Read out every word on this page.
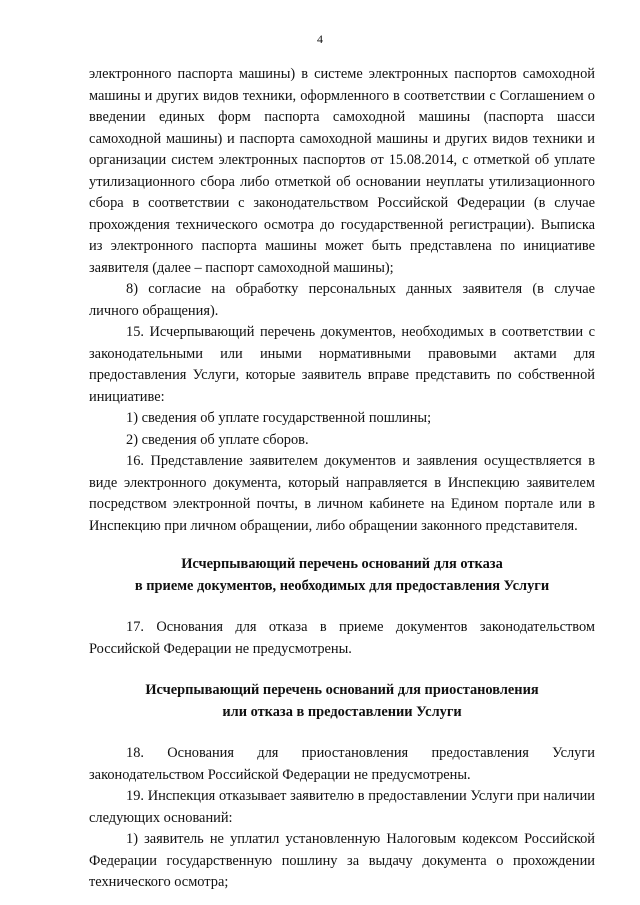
4

электронного паспорта машины) в системе электронных паспортов самоходной машины и других видов техники, оформленного в соответствии с Соглашением о введении единых форм паспорта самоходной машины (паспорта шасси самоходной машины) и паспорта самоходной машины и других видов техники и организации систем электронных паспортов от 15.08.2014, с отметкой об уплате утилизационного сбора либо отметкой об основании неуплаты утилизационного сбора в соответствии с законодательством Российской Федерации (в случае прохождения технического осмотра до государственной регистрации). Выписка из электронного паспорта машины может быть представлена по инициативе заявителя (далее – паспорт самоходной машины);

8) согласие на обработку персональных данных заявителя (в случае личного обращения).

15. Исчерпывающий перечень документов, необходимых в соответствии с законодательными или иными нормативными правовыми актами для предоставления Услуги, которые заявитель вправе представить по собственной инициативе:

1) сведения об уплате государственной пошлины;

2) сведения об уплате сборов.

16. Представление заявителем документов и заявления осуществляется в виде электронного документа, который направляется в Инспекцию заявителем посредством электронной почты, в личном кабинете на Едином портале или в Инспекцию при личном обращении, либо обращении законного представителя.

Исчерпывающий перечень оснований для отказа
в приеме документов, необходимых для предоставления Услуги

17. Основания для отказа в приеме документов законодательством Российской Федерации не предусмотрены.

Исчерпывающий перечень оснований для приостановления
или отказа в предоставлении Услуги

18. Основания для приостановления предоставления Услуги законодательством Российской Федерации не предусмотрены.

19. Инспекция отказывает заявителю в предоставлении Услуги при наличии следующих оснований:

1) заявитель не уплатил установленную Налоговым кодексом Российской Федерации государственную пошлину за выдачу документа о прохождении технического осмотра;
